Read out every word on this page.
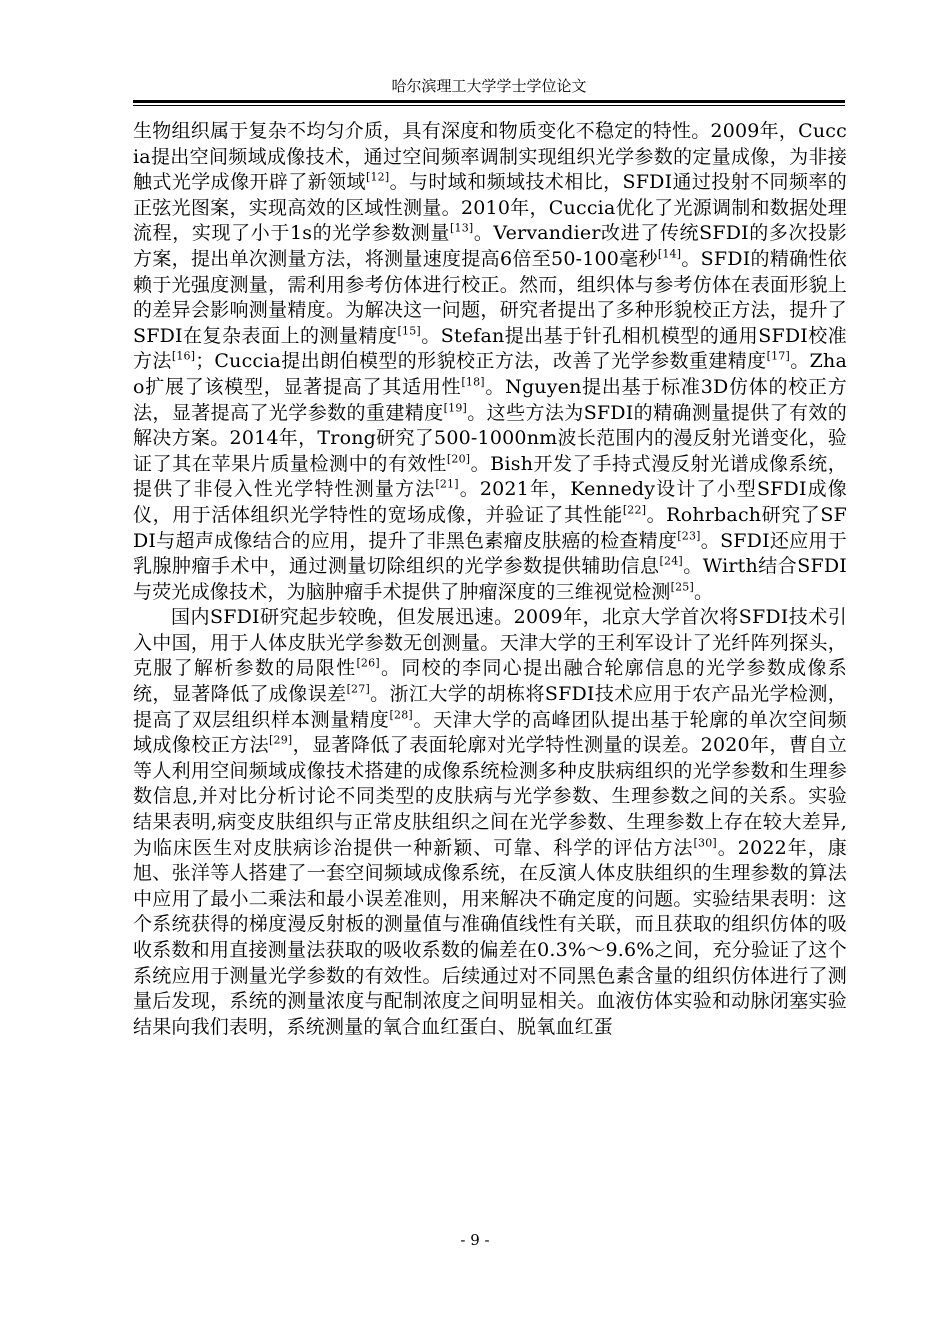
哈尔滨理工大学学士学位论文

生物组织属于复杂不均匀介质，具有深度和物质变化不稳定的特性。2009年，Cuccia提出空间频域成像技术，通过空间频率调制实现组织光学参数的定量成像，为非接触式光学成像开辟了新领域[12]。与时域和频域技术相比，SFDI通过投射不同频率的正弦光图案，实现高效的区域性测量。2010年，Cuccia优化了光源调制和数据处理流程，实现了小于1s的光学参数测量[13]。Vervandier改进了传统SFDI的多次投影方案，提出单次测量方法，将测量速度提高6倍至50-100毫秒[14]。SFDI的精确性依赖于光强度测量，需利用参考仿体进行校正。然而，组织体与参考仿体在表面形貌上的差异会影响测量精度。为解决这一问题，研究者提出了多种形貌校正方法，提升了SFDI在复杂表面上的测量精度[15]。Stefan提出基于针孔相机模型的通用SFDI校准方法[16]；Cuccia提出朗伯模型的形貌校正方法，改善了光学参数重建精度[17]。Zhao扩展了该模型，显著提高了其适用性[18]。Nguyen提出基于标准3D仿体的校正方法，显著提高了光学参数的重建精度[19]。这些方法为SFDI的精确测量提供了有效的解决方案。2014年，Trong研究了500-1000nm波长范围内的漫反射光谱变化，验证了其在苹果片质量检测中的有效性[20]。Bish开发了手持式漫反射光谱成像系统，提供了非侵入性光学特性测量方法[21]。2021年，Kennedy设计了小型SFDI成像仪，用于活体组织光学特性的宽场成像，并验证了其性能[22]。Rohrbach研究了SFDI与超声成像结合的应用，提升了非黑色素瘤皮肤癌的检查精度[23]。SFDI还应用于乳腺肿瘤手术中，通过测量切除组织的光学参数提供辅助信息[24]。Wirth结合SFDI与荧光成像技术，为脑肿瘤手术提供了肿瘤深度的三维视觉检测[25]。

国内SFDI研究起步较晚，但发展迅速。2009年，北京大学首次将SFDI技术引入中国，用于人体皮肤光学参数无创测量。天津大学的王利军设计了光纤阵列探头，克服了解析参数的局限性[26]。同校的李同心提出融合轮廓信息的光学参数成像系统，显著降低了成像误差[27]。浙江大学的胡栋将SFDI技术应用于农产品光学检测，提高了双层组织样本测量精度[28]。天津大学的高峰团队提出基于轮廓的单次空间频域成像校正方法[29]，显著降低了表面轮廓对光学特性测量的误差。2020年，曹自立等人利用空间频域成像技术搭建的成像系统检测多种皮肤病组织的光学参数和生理参数信息,并对比分析讨论不同类型的皮肤病与光学参数、生理参数之间的关系。实验结果表明,病变皮肤组织与正常皮肤组织之间在光学参数、生理参数上存在较大差异,为临床医生对皮肤病诊治提供一种新颖、可靠、科学的评估方法[30]。2022年，康旭、张洋等人搭建了一套空间频域成像系统，在反演人体皮肤组织的生理参数的算法中应用了最小二乘法和最小误差准则，用来解决不确定度的问题。实验结果表明：这个系统获得的梯度漫反射板的测量值与准确值线性有关联，而且获取的组织仿体的吸收系数和用直接测量法获取的吸收系数的偏差在0.3%～9.6%之间，充分验证了这个系统应用于测量光学参数的有效性。后续通过对不同黑色素含量的组织仿体进行了测量后发现，系统的测量浓度与配制浓度之间明显相关。血液仿体实验和动脉闭塞实验结果向我们表明，系统测量的氧合血红蛋白、脱氧血红蛋

- 9 -
